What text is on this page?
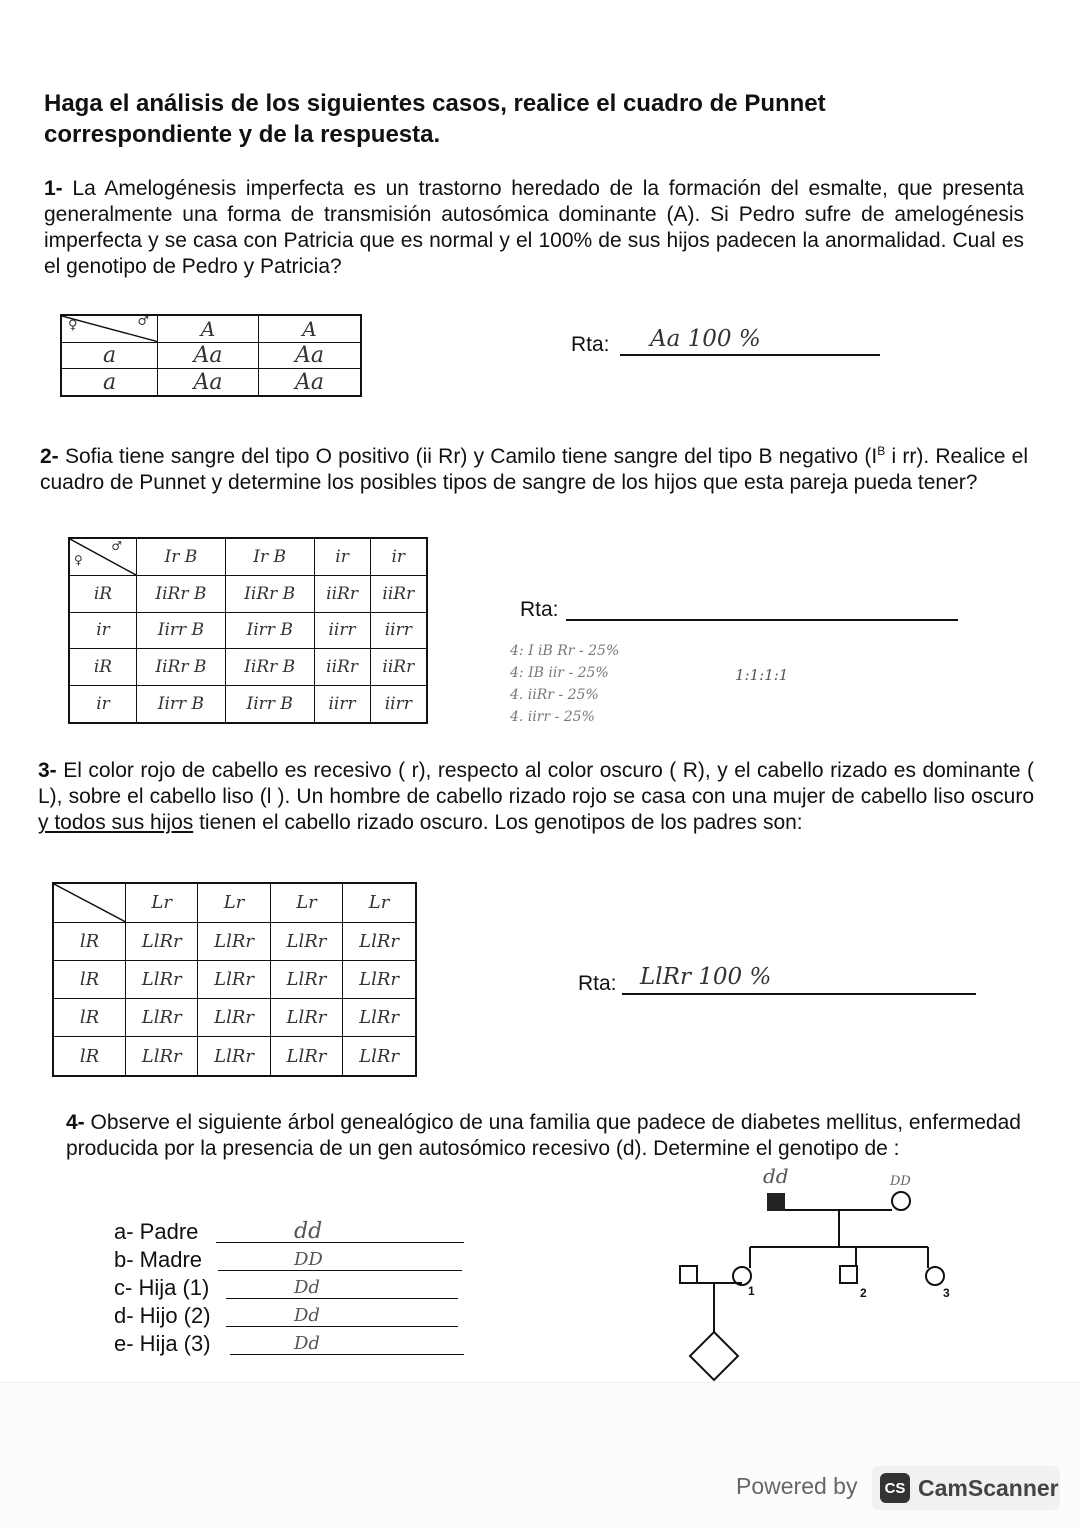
Haga el análisis de los siguientes casos, realice el cuadro de Punnet correspondiente y de la respuesta.
1- La Amelogénesis imperfecta es un trastorno heredado de la formación del esmalte, que presenta generalmente una forma de transmisión autosómica dominante (A). Si Pedro sufre de amelogénesis imperfecta y se casa con Patricia que es normal y el 100% de sus hijos padecen la anormalidad. Cual es el genotipo de Pedro y Patricia?
♀ ♂	A	A
a	Aa	Aa
a	Aa	Aa
Rta: Aa 100 %
2- Sofia tiene sangre del tipo O positivo (ii Rr) y Camilo tiene sangre del tipo B negativo ($I^B$ i rr). Realice el cuadro de Punnet y determine los posibles tipos de sangre de los hijos que esta pareja pueda tener?
♀
♂	Ir B	Ir B	ir	ir
iR	IiRr B	IiRr B	iiRr	iiRr
ir	Iirr B	Iirr B	iirr	iirr
iR	IiRr B	IiRr B	iiRr	iiRr
ir	Iirr B	Iirr B	iirr	iirr
Rta:
4: I iB Rr - 25%
4: IB iir - 25%
4. iiRr - 25%
4. iirr - 25%
1:1:1:1
3- El color rojo de cabello es recesivo ( r), respecto al color oscuro ( R), y el cabello rizado es dominante ( L), sobre el cabello liso (l ). Un hombre de cabello rizado rojo se casa con una mujer de cabello liso oscuro y todos sus hijos tienen el cabello rizado oscuro. Los genotipos de los padres son:
	Lr	Lr	Lr	Lr
lR	LlRr	LlRr	LlRr	LlRr
lR	LlRr	LlRr	LlRr	LlRr
lR	LlRr	LlRr	LlRr	LlRr
lR	LlRr	LlRr	LlRr	LlRr
Rta: LlRr 100 %
4- Observe el siguiente árbol genealógico de una familia que padece de diabetes mellitus, enfermedad producida por la presencia de un gen autosómico recesivo (d). Determine el genotipo de :
a- Padre	dd
b- Madre	DD
c- Hija (1)	Dd
d- Hijo (2)	Dd
e- Hija (3)	Dd
dd	DD
1	2	3
Powered by	CS CamScanner
